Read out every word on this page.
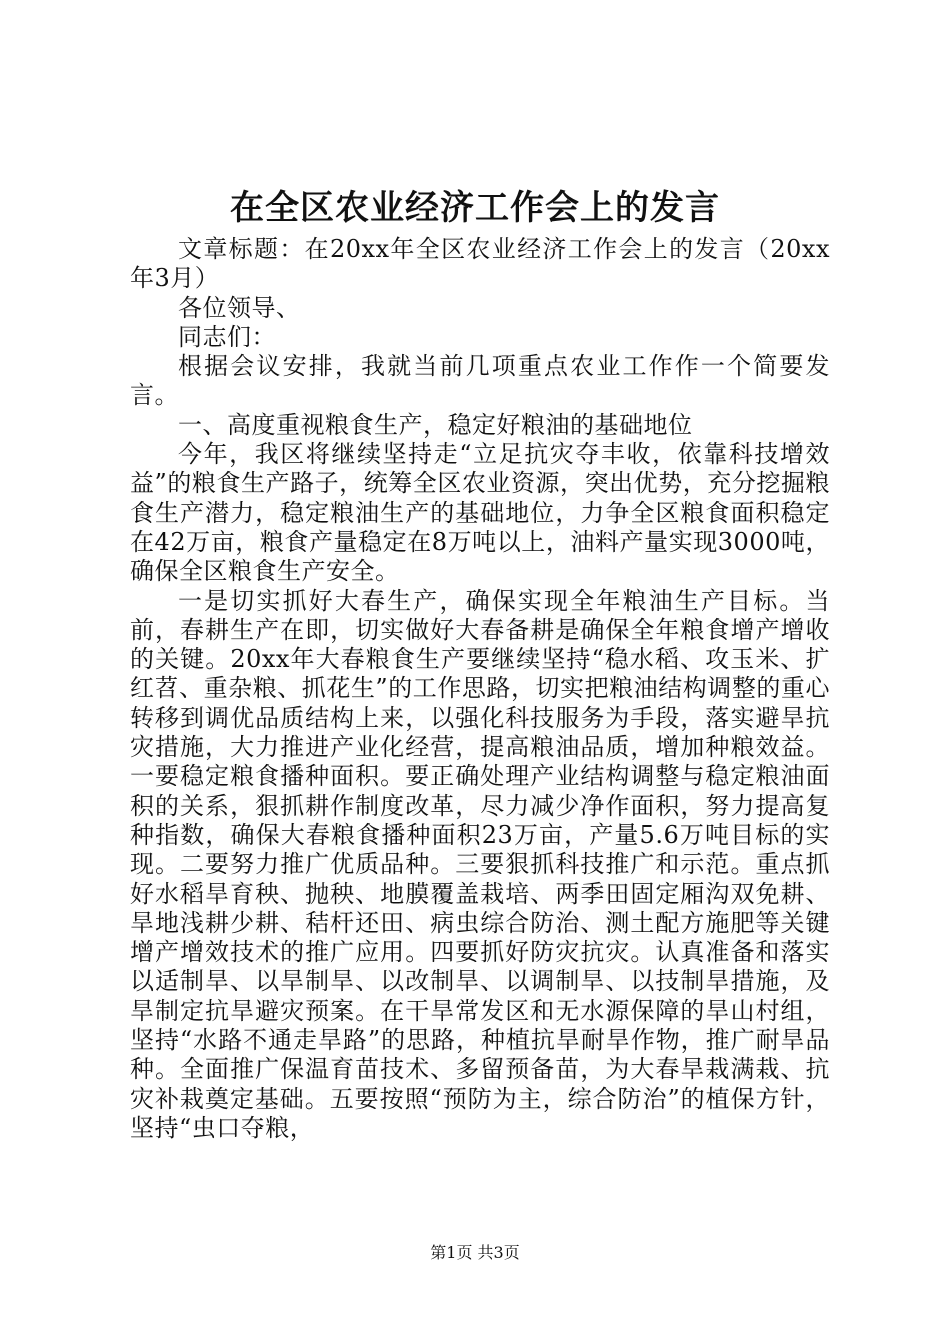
在全区农业经济工作会上的发言

文章标题：在20xx年全区农业经济工作会上的发言（20xx年3月）

各位领导、

同志们：

根据会议安排，我就当前几项重点农业工作作一个简要发言。

一、高度重视粮食生产，稳定好粮油的基础地位

今年，我区将继续坚持走“立足抗灾夺丰收，依靠科技增效益”的粮食生产路子，统筹全区农业资源，突出优势，充分挖掘粮食生产潜力，稳定粮油生产的基础地位，力争全区粮食面积稳定在42万亩，粮食产量稳定在8万吨以上，油料产量实现3000吨，确保全区粮食生产安全。

一是切实抓好大春生产，确保实现全年粮油生产目标。当前，春耕生产在即，切实做好大春备耕是确保全年粮食增产增收的关键。20xx年大春粮食生产要继续坚持“稳水稻、攻玉米、扩红苕、重杂粮、抓花生”的工作思路，切实把粮油结构调整的重心转移到调优品质结构上来，以强化科技服务为手段，落实避旱抗灾措施，大力推进产业化经营，提高粮油品质，增加种粮效益。一要稳定粮食播种面积。要正确处理产业结构调整与稳定粮油面积的关系，狠抓耕作制度改革，尽力减少净作面积，努力提高复种指数，确保大春粮食播种面积23万亩，产量5.6万吨目标的实现。二要努力推广优质品种。三要狠抓科技推广和示范。重点抓好水稻旱育秧、抛秧、地膜覆盖栽培、两季田固定厢沟双免耕、旱地浅耕少耕、秸杆还田、病虫综合防治、测土配方施肥等关键增产增效技术的推广应用。四要抓好防灾抗灾。认真准备和落实以适制旱、以旱制旱、以改制旱、以调制旱、以技制旱措施，及旱制定抗旱避灾预案。在干旱常发区和无水源保障的旱山村组，坚持“水路不通走旱路”的思路，种植抗旱耐旱作物，推广耐旱品种。全面推广保温育苗技术、多留预备苗，为大春旱栽满栽、抗灾补栽奠定基础。五要按照“预防为主，综合防治”的植保方针，坚持“虫口夺粮，

第1页 共3页
